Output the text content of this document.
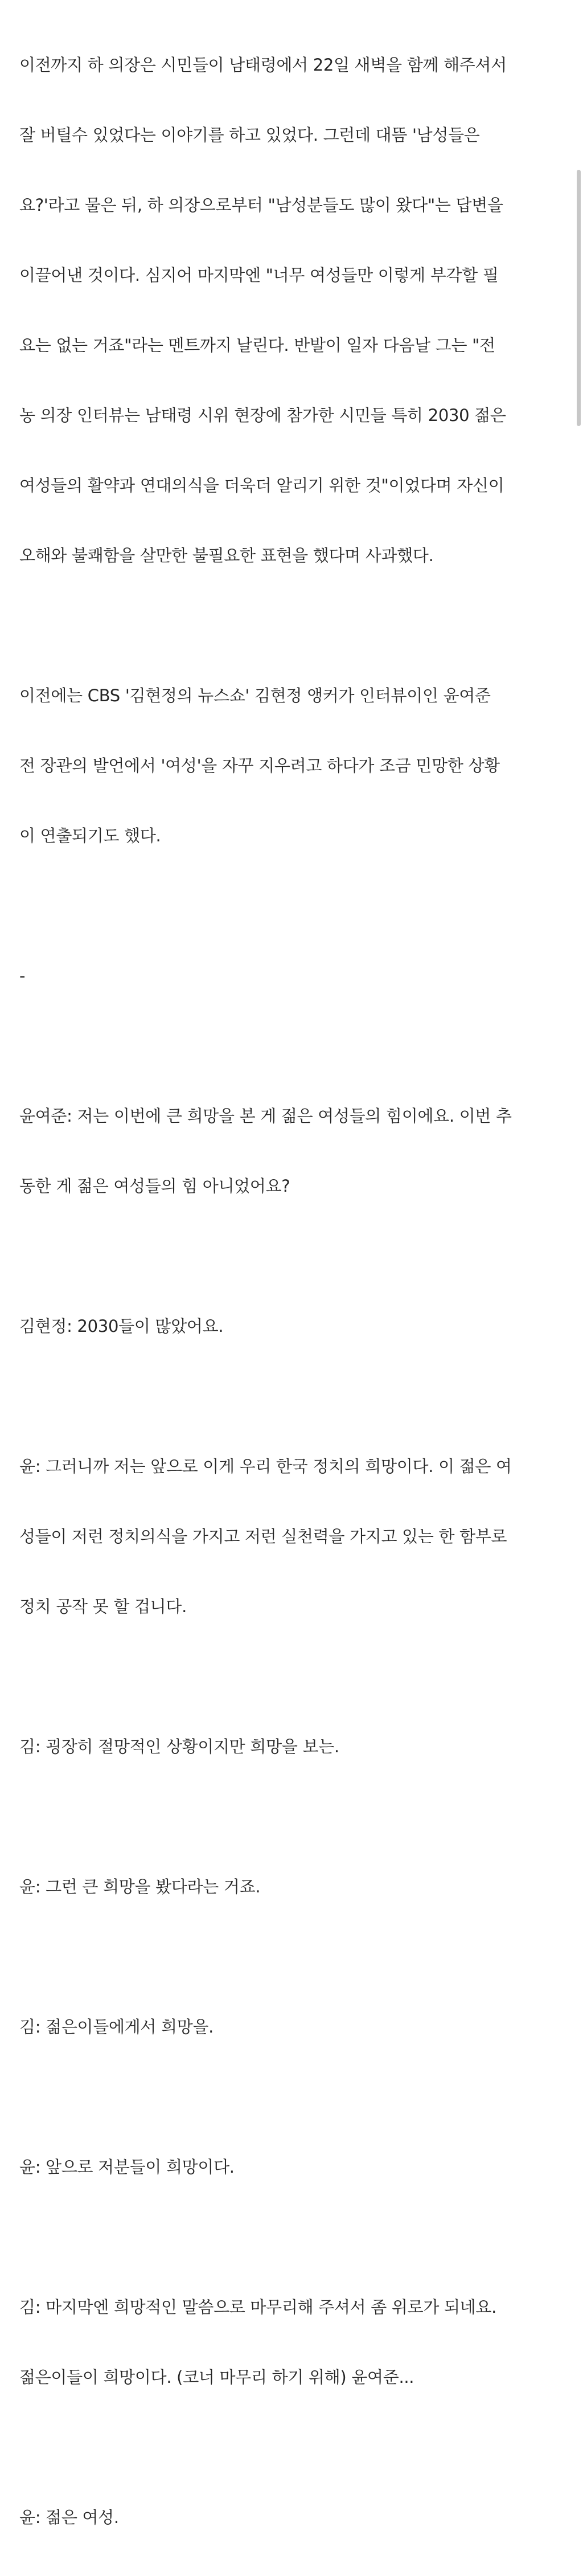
이전까지 하 의장은 시민들이 남태령에서 22일 새벽을 함께 해주셔서

잘 버틸수 있었다는 이야기를 하고 있었다. 그런데 대뜸 '남성들은

요?'라고 물은 뒤, 하 의장으로부터 "남성분들도 많이 왔다"는 답변을

이끌어낸 것이다. 심지어 마지막엔 "너무 여성들만 이렇게 부각할 필

요는 없는 거죠"라는 멘트까지 날린다. 반발이 일자 다음날 그는 "전

농 의장 인터뷰는 남태령 시위 현장에 참가한 시민들 특히 2030 젊은

여성들의 활약과 연대의식을 더욱더 알리기 위한 것"이었다며 자신이

오해와 불쾌함을 살만한 불필요한 표현을 했다며 사과했다.

이전에는 CBS '김현정의 뉴스쇼' 김현정 앵커가 인터뷰이인 윤여준

전 장관의 발언에서 '여성'을 자꾸 지우려고 하다가 조금 민망한 상황

이 연출되기도 했다.

-

윤여준: 저는 이번에 큰 희망을 본 게 젊은 여성들의 힘이에요. 이번 추

동한 게 젊은 여성들의 힘 아니었어요?

김현정: 2030들이 많았어요.

윤: 그러니까 저는 앞으로 이게 우리 한국 정치의 희망이다. 이 젊은 여

성들이 저런 정치의식을 가지고 저런 실천력을 가지고 있는 한 함부로

정치 공작 못 할 겁니다.

김: 굉장히 절망적인 상황이지만 희망을 보는.

윤: 그런 큰 희망을 봤다라는 거죠.

김: 젊은이들에게서 희망을.

윤: 앞으로 저분들이 희망이다.

김: 마지막엔 희망적인 말씀으로 마무리해 주셔서 좀 위로가 되네요.

젊은이들이 희망이다. (코너 마무리 하기 위해) 윤여준...

윤: 젊은 여성.
